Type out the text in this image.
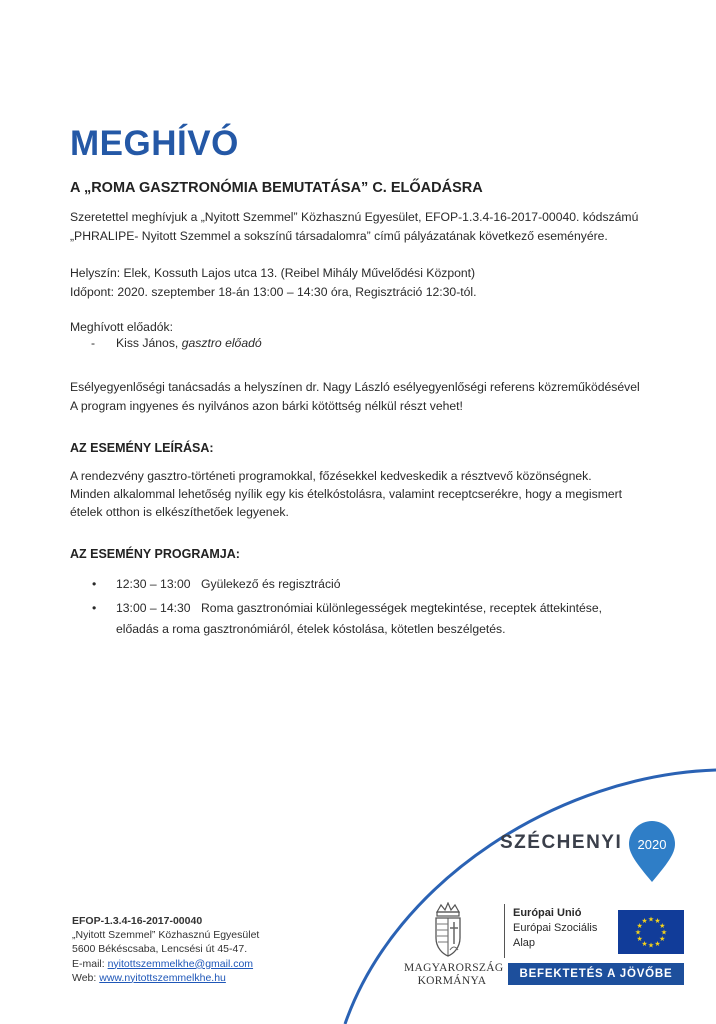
MEGHÍVÓ
A „ROMA GASZTRONÓMIA BEMUTATÁSA” C. ELŐADÁSRA
Szeretettel meghívjuk a „Nyitott Szemmel” Közhasznú Egyesület, EFOP-1.3.4-16-2017-00040. kódszámú
„PHRALIPE- Nyitott Szemmel a sokszínű társadalomra” című pályázatának következő eseményére.
Helyszín: Elek, Kossuth Lajos utca 13. (Reibel Mihály Művelődési Központ)
Időpont: 2020. szeptember 18-án 13:00 – 14:30 óra, Regisztráció 12:30-tól.
Meghívott előadók:
- Kiss János, gasztro előadó
Esélyegyenlőségi tanácsadás a helyszínen dr. Nagy László esélyegyenlőségi referens közreműködésével
A program ingyenes és nyilvános azon bárki kötöttség nélkül részt vehet!
AZ ESEMÉNY LEÍRÁSA:
A rendezvény gasztro-történeti programokkal, főzésekkel kedveskedik a résztvevő közönségnek.
Minden alkalommal lehetőség nyílik egy kis ételkóstolásra, valamint receptcserékre, hogy a megismert
ételek otthon is elkészíthetőek legyenek.
AZ ESEMÉNY PROGRAMJA:
• 12:30 – 13:00 Gyülekező és regisztráció
• 13:00 – 14:30 Roma gasztronómiai különlegességek megtekintése, receptek áttekintése,
előadás a roma gasztronómiáról, ételek kóstolása, kötetlen beszélgetés.
SZÉCHENYI 2020
EFOP-1.3.4-16-2017-00040
„Nyitott Szemmel” Közhasznú Egyesület
5600 Békéscsaba, Lencsési út 45-47.
E-mail: nyitottszemmelkhe@gmail.com
Web: www.nyitottszemmelkhe.hu
MAGYARORSZÁG
KORMÁNYA
Európai Unió
Európai Szociális
Alap
★ ★
★
★
★
★
★
★
★
★
★
★
BEFEKTETÉS A JÖVŐBE
